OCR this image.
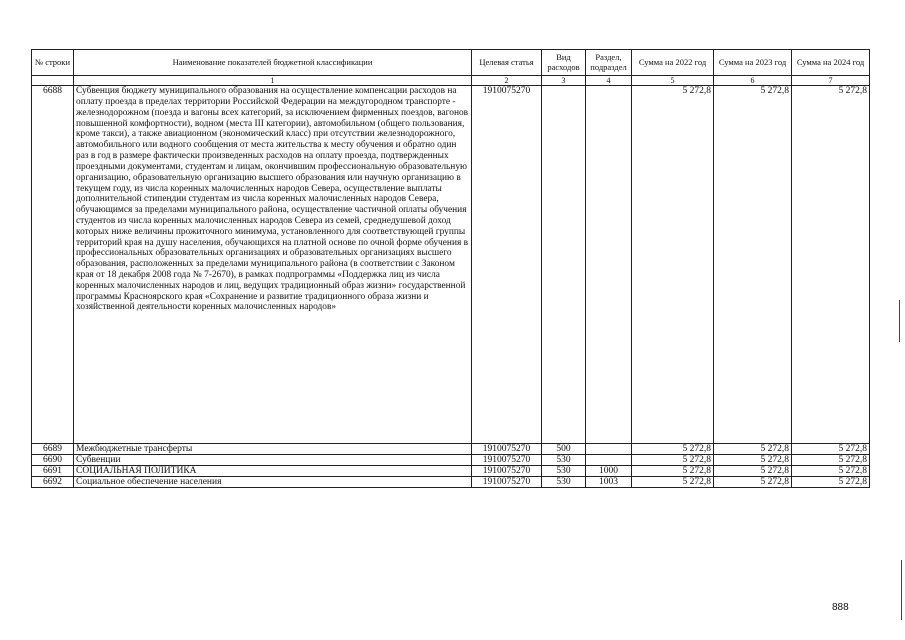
№ строки	Наименование показателей бюджетной классификации	Целевая статья	Вид расходов	Раздел, подраздел	Сумма на 2022 год	Сумма на 2023 год	Сумма на 2024 год
	1	2	3	4	5	6	7
6688	Субвенция бюджету муниципального образования на осуществление компенсации расходов на оплату проезда в пределах территории Российской Федерации на междугородном транспорте - железнодорожном (поезда и вагоны всех категорий, за исключением фирменных поездов, вагонов повышенной комфортности), водном (места III категории), автомобильном (общего пользования, кроме такси), а также авиационном (экономический класс) при отсутствии железнодорожного, автомобильного или водного сообщения от места жительства к месту обучения и обратно один раз в год в размере фактически произведенных расходов на оплату проезда, подтвержденных проездными документами, студентам и лицам, окончившим профессиональную образовательную организацию, образовательную организацию высшего образования или научную организацию в текущем году, из числа коренных малочисленных народов Севера, осуществление выплаты дополнительной стипендии студентам из числа коренных малочисленных народов Севера, обучающимся за пределами муниципального района, осуществление частичной оплаты обучения студентов из числа коренных малочисленных народов Севера из семей, среднедушевой доход которых ниже величины прожиточного минимума, установленного для соответствующей группы территорий края на душу населения, обучающихся на платной основе по очной форме обучения в профессиональных образовательных организациях и образовательных организациях высшего образования, расположенных за пределами муниципального района (в соответствии с Законом края от 18 декабря 2008 года № 7-2670), в рамках подпрограммы «Поддержка лиц из числа коренных малочисленных народов и лиц, ведущих традиционный образ жизни» государственной программы Красноярского края «Сохранение и развитие традиционного образа жизни и хозяйственной деятельности коренных малочисленных народов»	1910075270			5 272,8	5 272,8	5 272,8
6689	Межбюджетные трансферты	1910075270	500		5 272,8	5 272,8	5 272,8
6690	Субвенции	1910075270	530		5 272,8	5 272,8	5 272,8
6691	СОЦИАЛЬНАЯ ПОЛИТИКА	1910075270	530	1000	5 272,8	5 272,8	5 272,8
6692	Социальное обеспечение населения	1910075270	530	1003	5 272,8	5 272,8	5 272,8
888
